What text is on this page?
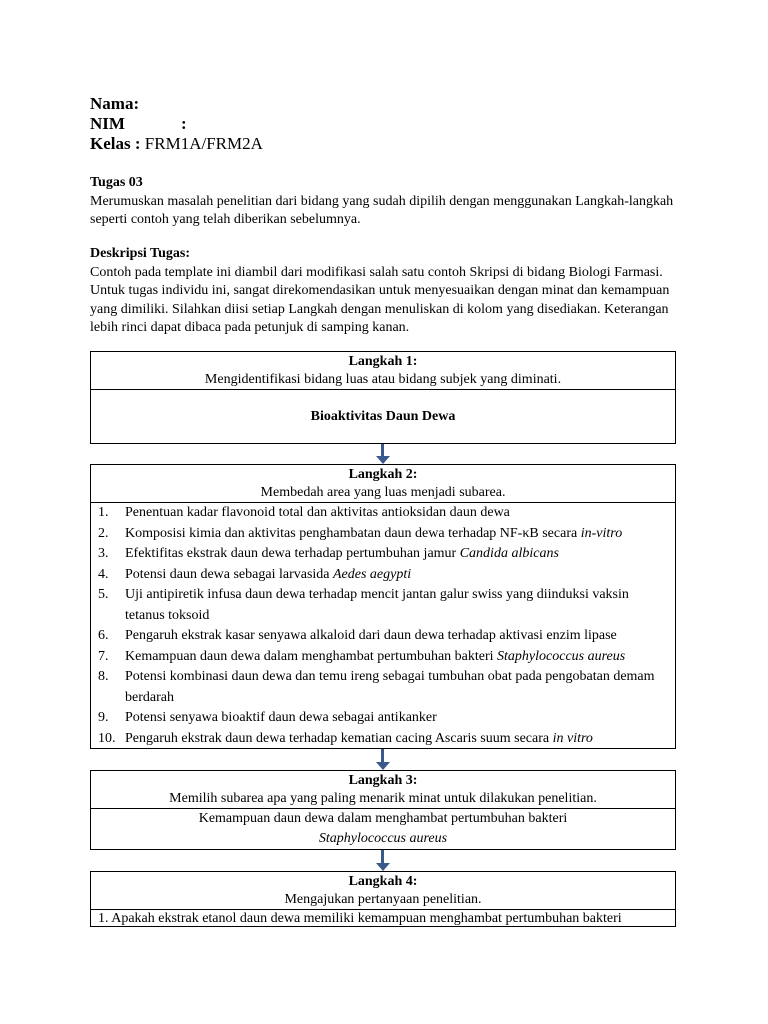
Nama:
NIM	:
Kelas : FRM1A/FRM2A
Tugas 03
Merumuskan masalah penelitian dari bidang yang sudah dipilih dengan menggunakan Langkah-langkah seperti contoh yang telah diberikan sebelumnya.
Deskripsi Tugas:
Contoh pada template ini diambil dari modifikasi salah satu contoh Skripsi di bidang Biologi Farmasi. Untuk tugas individu ini, sangat direkomendasikan untuk menyesuaikan dengan minat dan kemampuan yang dimiliki. Silahkan diisi setiap Langkah dengan menuliskan di kolom yang disediakan. Keterangan lebih rinci dapat dibaca pada petunjuk di samping kanan.
Langkah 1:
Mengidentifikasi bidang luas atau bidang subjek yang diminati.
Bioaktivitas Daun Dewa
Langkah 2:
Membedah area yang luas menjadi subarea.
1.	Penentuan kadar flavonoid total dan aktivitas antioksidan daun dewa
2.	Komposisi kimia dan aktivitas penghambatan daun dewa terhadap NF-κB secara in-vitro
3.	Efektifitas ekstrak daun dewa terhadap pertumbuhan jamur Candida albicans
4.	Potensi daun dewa sebagai larvasida Aedes aegypti
5.	Uji antipiretik infusa daun dewa terhadap mencit jantan galur swiss yang diinduksi vaksin tetanus toksoid
6.	Pengaruh ekstrak kasar senyawa alkaloid dari daun dewa terhadap aktivasi enzim lipase
7.	Kemampuan daun dewa dalam menghambat pertumbuhan bakteri Staphylococcus aureus
8.	Potensi kombinasi daun dewa dan temu ireng sebagai tumbuhan obat pada pengobatan demam berdarah
9.	Potensi senyawa bioaktif daun dewa sebagai antikanker
10. Pengaruh ekstrak daun dewa terhadap kematian cacing Ascaris suum secara in vitro
Langkah 3:
Memilih subarea apa yang paling menarik minat untuk dilakukan penelitian.
Kemampuan daun dewa dalam menghambat pertumbuhan bakteri
Staphylococcus aureus
Langkah 4:
Mengajukan pertanyaan penelitian.
1. Apakah ekstrak etanol daun dewa memiliki kemampuan menghambat pertumbuhan bakteri
